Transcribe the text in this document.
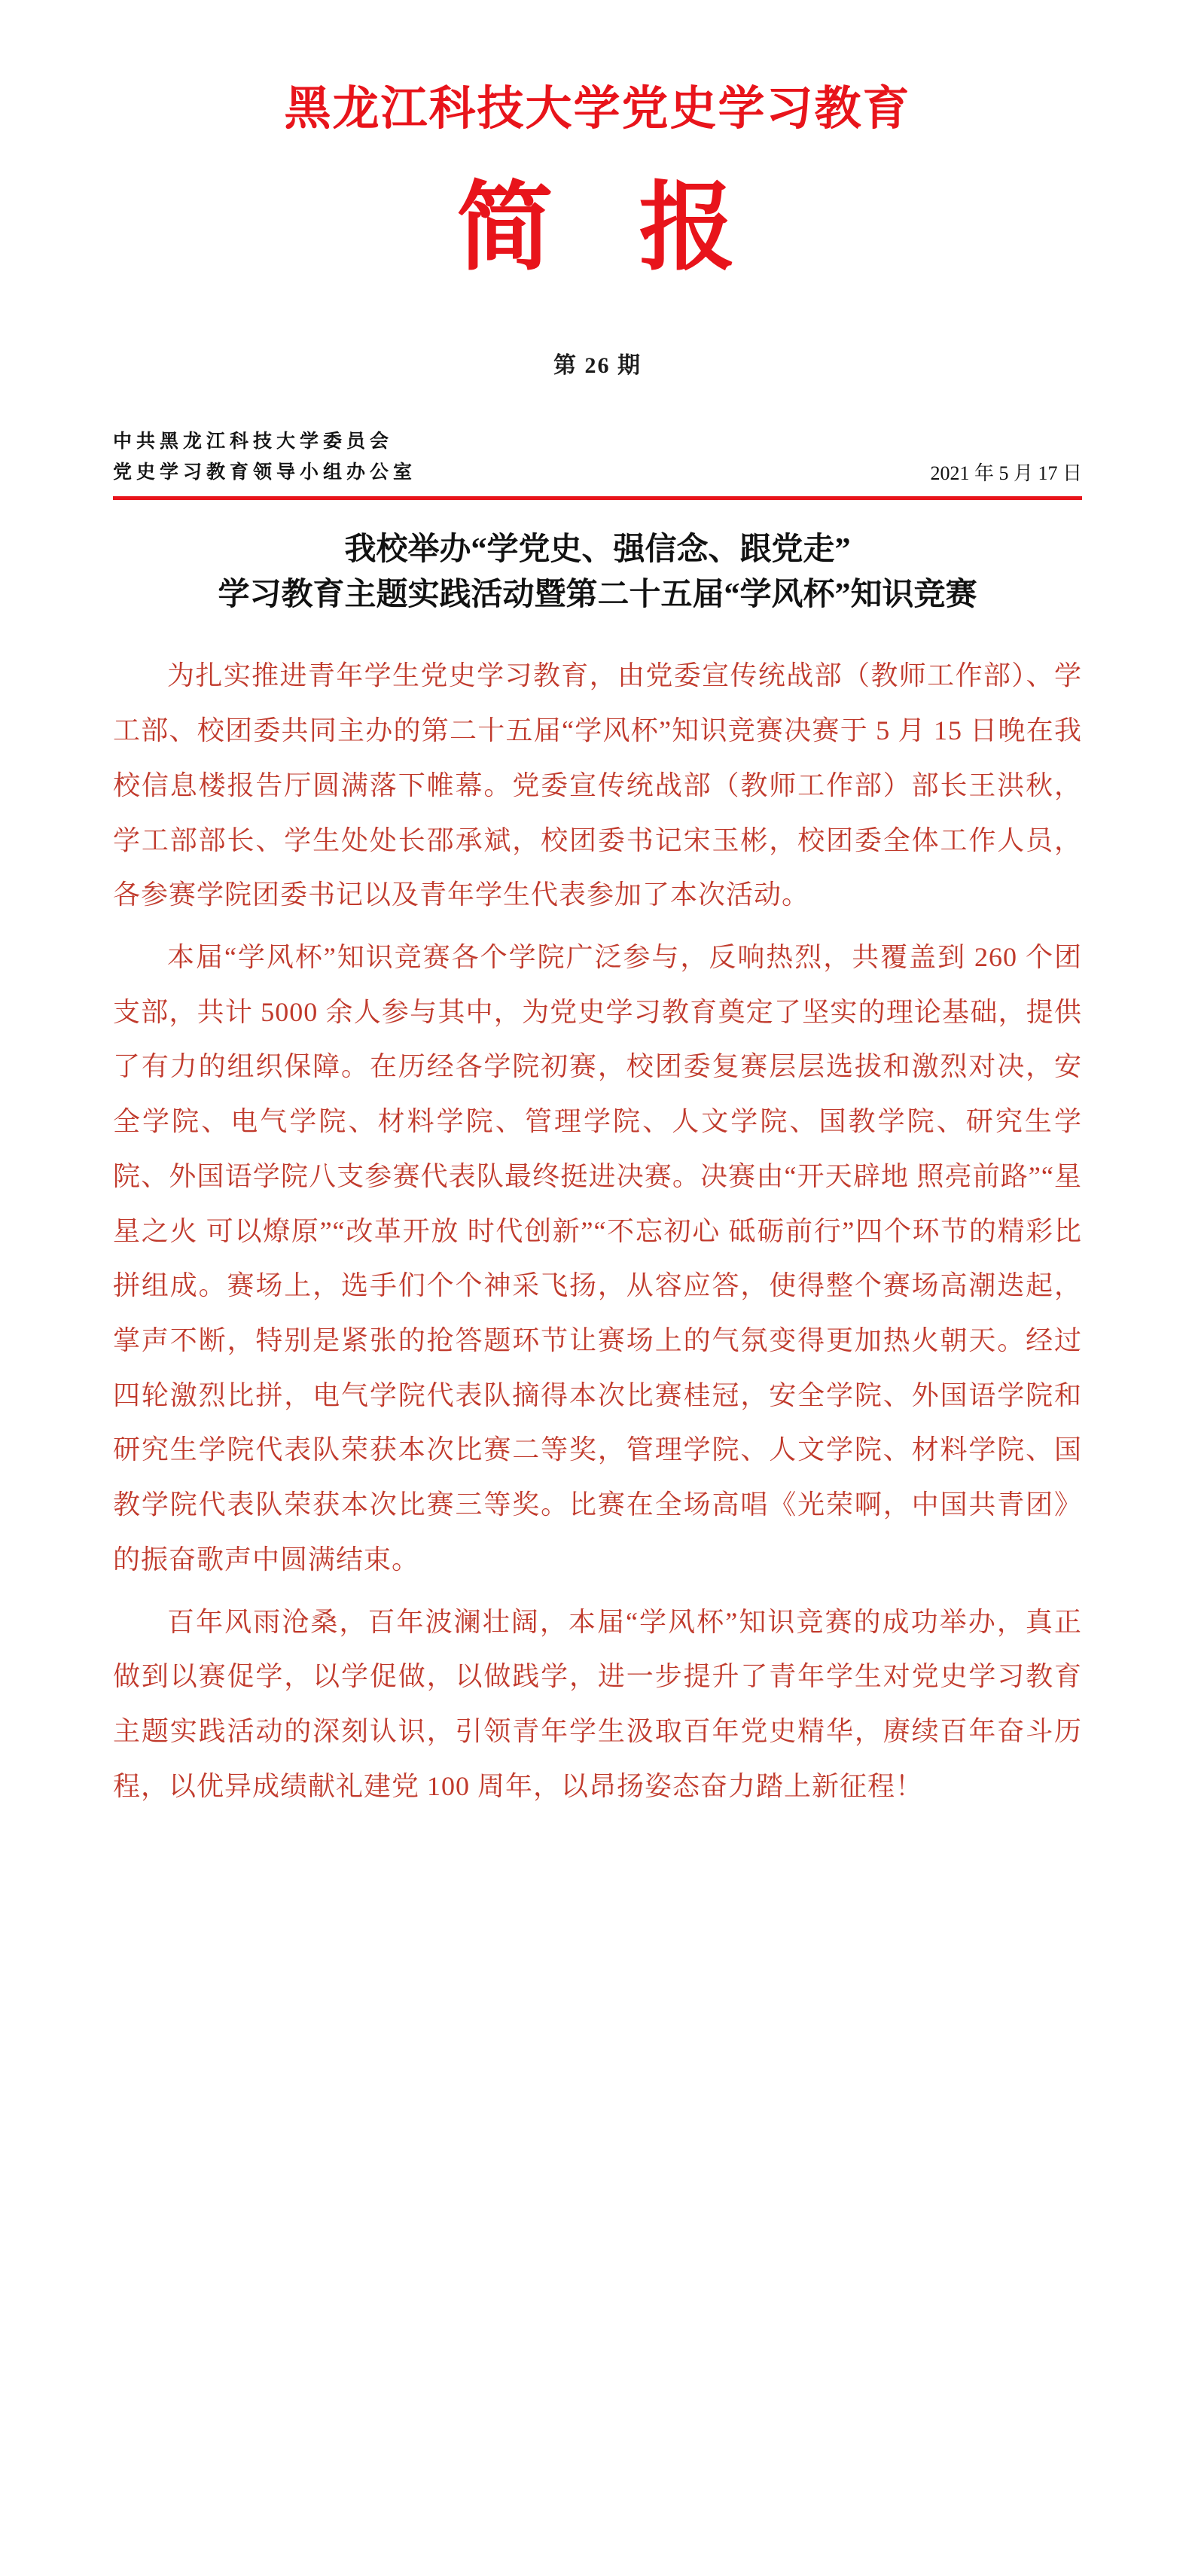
黑龙江科技大学党史学习教育
简 报
第 26 期
中共黑龙江科技大学委员会
党史学习教育领导小组办公室	2021 年 5 月 17 日
我校举办“学党史、强信念、跟党走”
学习教育主题实践活动暨第二十五届“学风杯”知识竞赛

为扎实推进青年学生党史学习教育，由党委宣传统战部（教师工作部）、学工部、校团委共同主办的第二十五届“学风杯”知识竞赛决赛于 5 月 15 日晚在我校信息楼报告厅圆满落下帷幕。党委宣传统战部（教师工作部）部长王洪秋，学工部部长、学生处处长邵承斌，校团委书记宋玉彬，校团委全体工作人员，各参赛学院团委书记以及青年学生代表参加了本次活动。

本届“学风杯”知识竞赛各个学院广泛参与，反响热烈，共覆盖到 260 个团支部，共计 5000 余人参与其中，为党史学习教育奠定了坚实的理论基础，提供了有力的组织保障。在历经各学院初赛，校团委复赛层层选拔和激烈对决，安全学院、电气学院、材料学院、管理学院、人文学院、国教学院、研究生学院、外国语学院八支参赛代表队最终挺进决赛。决赛由“开天辟地 照亮前路”“星星之火 可以燎原”“改革开放 时代创新”“不忘初心 砥砺前行”四个环节的精彩比拼组成。赛场上，选手们个个神采飞扬，从容应答，使得整个赛场高潮迭起，掌声不断，特别是紧张的抢答题环节让赛场上的气氛变得更加热火朝天。经过四轮激烈比拼，电气学院代表队摘得本次比赛桂冠，安全学院、外国语学院和研究生学院代表队荣获本次比赛二等奖，管理学院、人文学院、材料学院、国教学院代表队荣获本次比赛三等奖。比赛在全场高唱《光荣啊，中国共青团》的振奋歌声中圆满结束。

百年风雨沧桑，百年波澜壮阔，本届“学风杯”知识竞赛的成功举办，真正做到以赛促学，以学促做，以做践学，进一步提升了青年学生对党史学习教育主题实践活动的深刻认识，引领青年学生汲取百年党史精华，赓续百年奋斗历程，以优异成绩献礼建党 100 周年，以昂扬姿态奋力踏上新征程！
